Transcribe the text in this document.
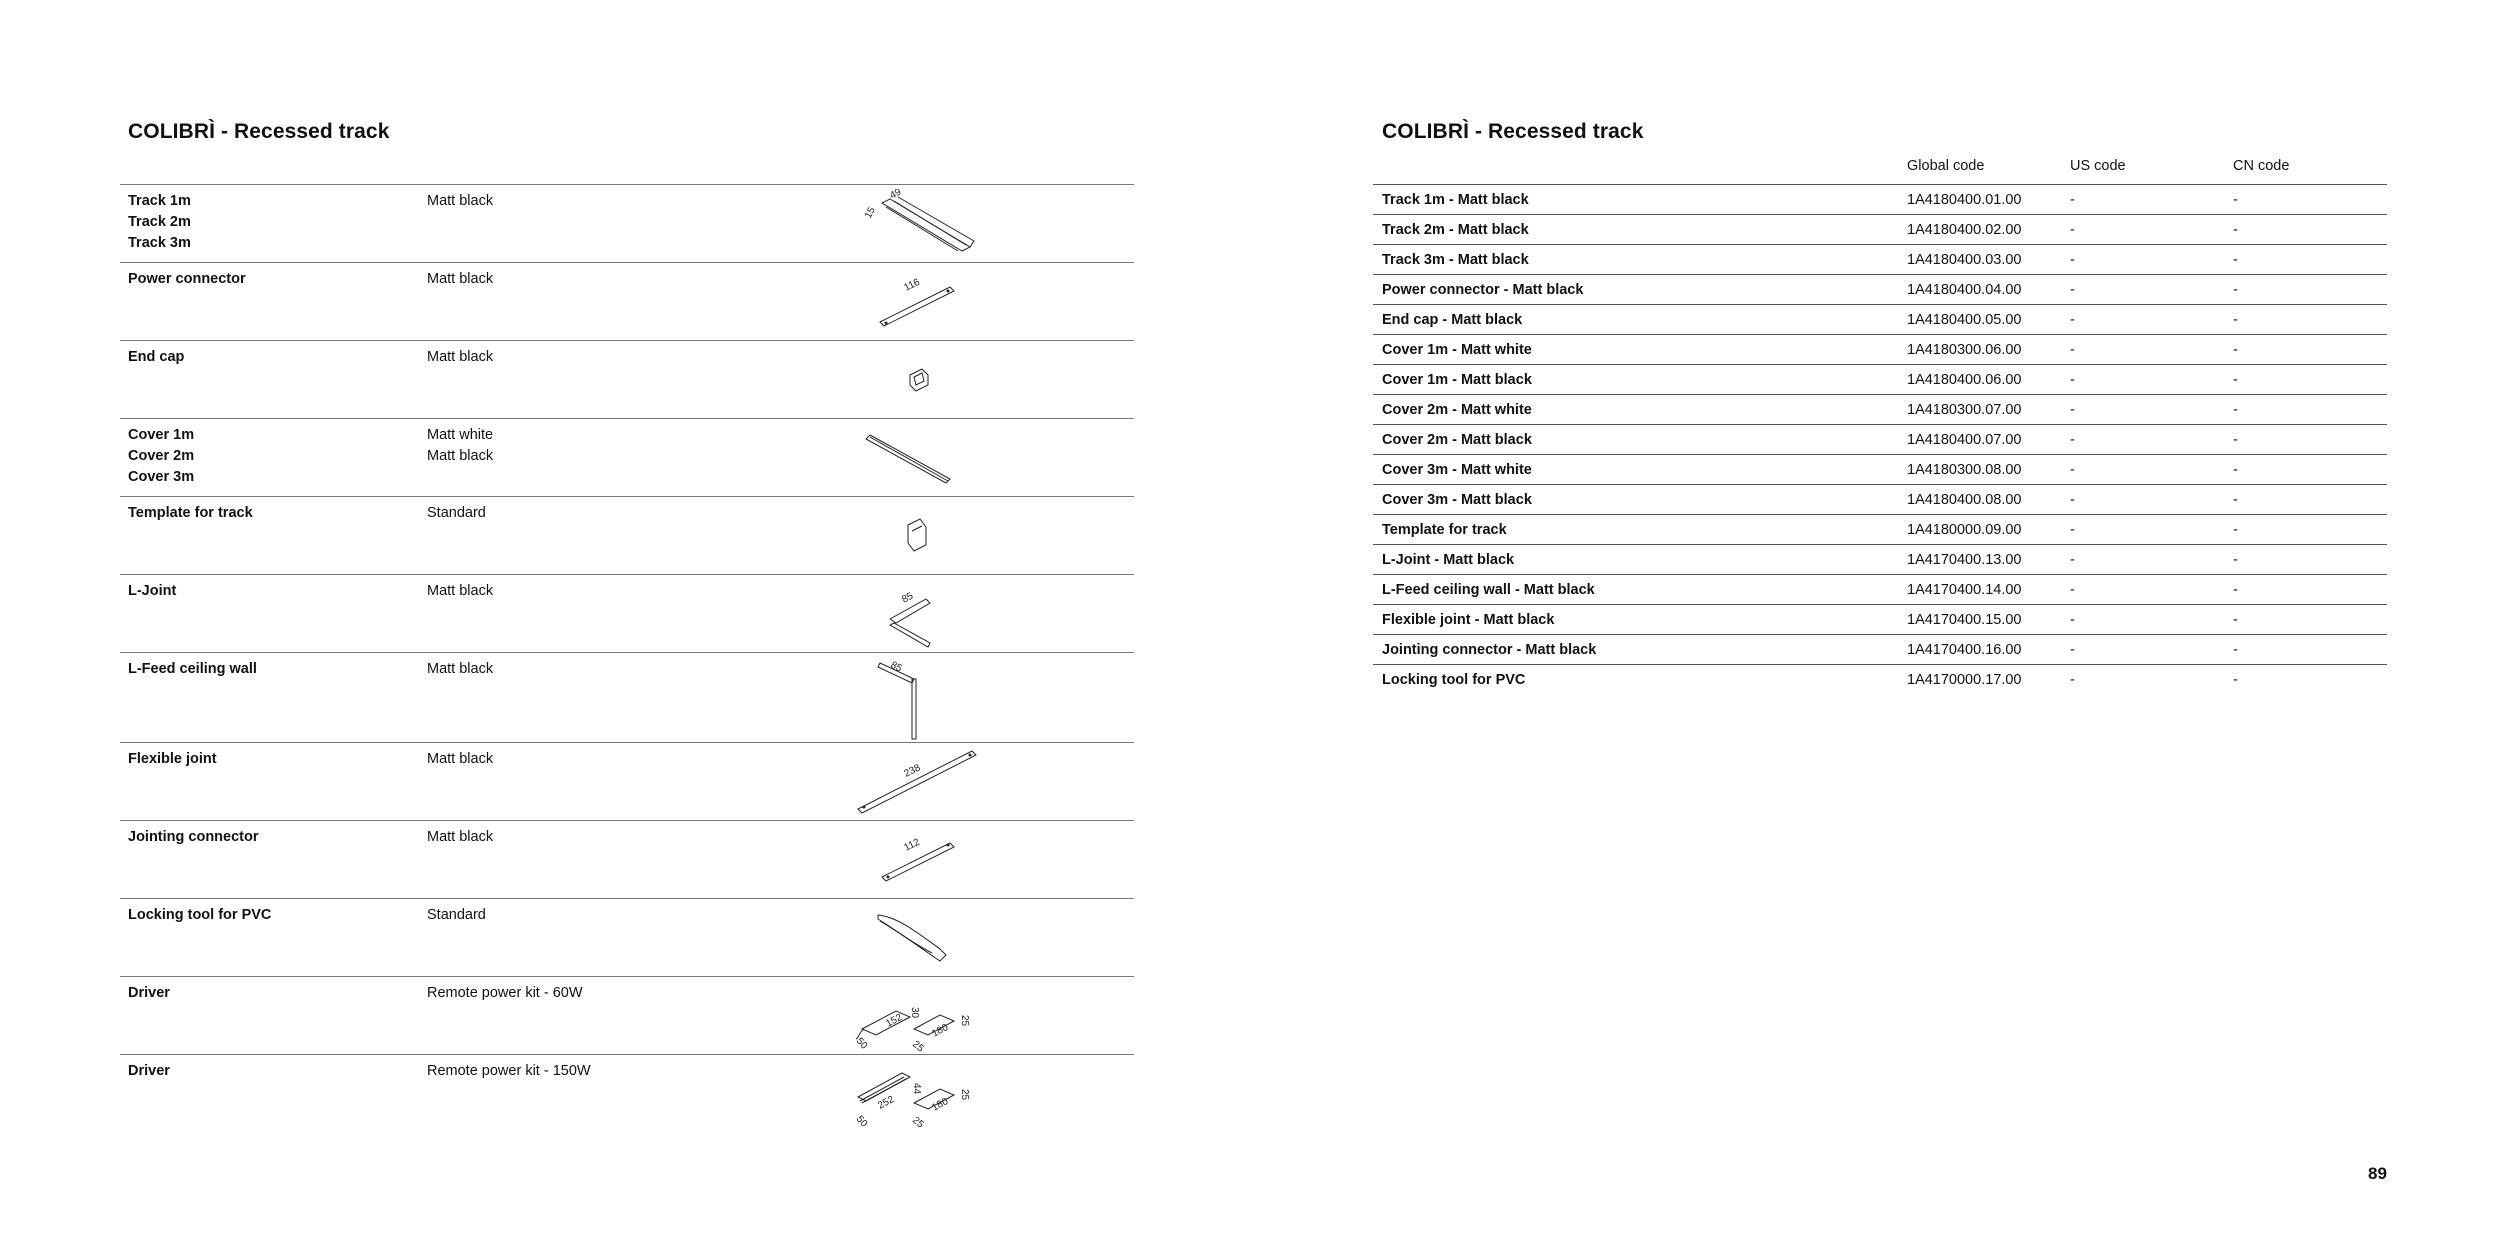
COLIBRÌ - Recessed track	COLIBRÌ - Recessed track
Track 1m
Track 2m
Track 3m
Matt black	49
15
Power connector	Matt black	116
End cap	Matt black
Cover 1m
Cover 2m
Cover 3m
Matt white
Matt black
Template for track	Standard
L-Joint	Matt black	85
L-Feed ceiling wall	Matt black	85
Flexible joint	Matt black
238
Jointing connector	Matt black	112
Locking tool for PVC	Standard
Driver	Remote power kit - 60W
152 30
50
180
25
25
Driver	Remote power kit - 150W
252
44
50
180
25
25
Global code	US code	CN code
Track 1m - Matt black	1A4180400.01.00	-	-
Track 2m - Matt black	1A4180400.02.00	-	-
Track 3m - Matt black	1A4180400.03.00	-	-
Power connector - Matt black	1A4180400.04.00	-	-
End cap - Matt black	1A4180400.05.00	-	-
Cover 1m - Matt white	1A4180300.06.00	-	-
Cover 1m - Matt black	1A4180400.06.00	-	-
Cover 2m - Matt white	1A4180300.07.00	-	-
Cover 2m - Matt black	1A4180400.07.00	-	-
Cover 3m - Matt white	1A4180300.08.00	-	-
Cover 3m - Matt black	1A4180400.08.00	-	-
Template for track	1A4180000.09.00	-	-
L-Joint - Matt black	1A4170400.13.00	-	-
L-Feed ceiling wall - Matt black	1A4170400.14.00	-	-
Flexible joint - Matt black	1A4170400.15.00	-	-
Jointing connector - Matt black	1A4170400.16.00	-	-
Locking tool for PVC	1A4170000.17.00	-	-
89
